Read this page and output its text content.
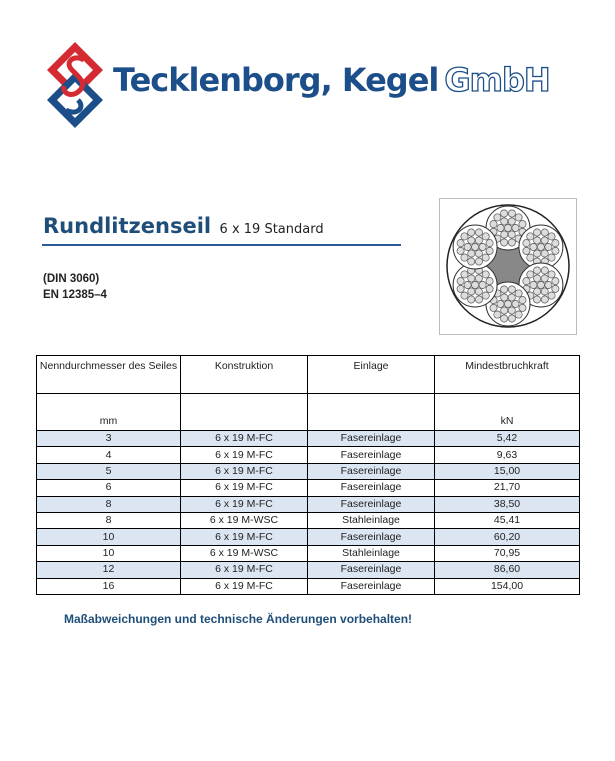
Tecklenborg, Kegel GmbH
Rundlitzenseil 6 x 19 Standard
(DIN 3060)
EN 12385–4
Nenndurchmesser des Seiles	Konstruktion	Einlage	Mindestbruchkraft
mm			kN
3	6 x 19 M-FC	Fasereinlage	5,42
4	6 x 19 M-FC	Fasereinlage	9,63
5	6 x 19 M-FC	Fasereinlage	15,00
6	6 x 19 M-FC	Fasereinlage	21,70
8	6 x 19 M-FC	Fasereinlage	38,50
8	6 x 19 M-WSC	Stahleinlage	45,41
10	6 x 19 M-FC	Fasereinlage	60,20
10	6 x 19 M-WSC	Stahleinlage	70,95
12	6 x 19 M-FC	Fasereinlage	86,60
16	6 x 19 M-FC	Fasereinlage	154,00
Maßabweichungen und technische Änderungen vorbehalten!
